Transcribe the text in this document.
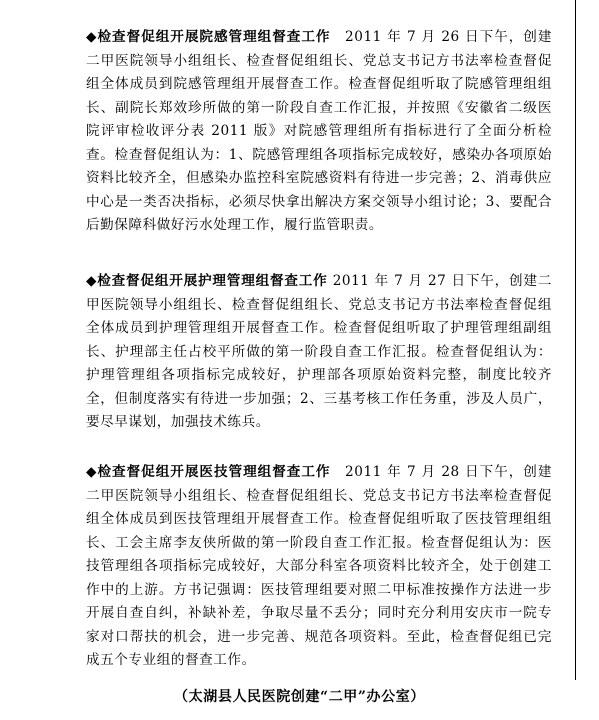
◆检查督促组开展院感管理组督查工作　2011 年 7 月 26 日下午，创建二甲医院领导小组组长、检查督促组组长、党总支书记方书法率检查督促组全体成员到院感管理组开展督查工作。检查督促组听取了院感管理组组长、副院长郑效珍所做的第一阶段自查工作汇报，并按照《安徽省二级医院评审检收评分表 2011 版》对院感管理组所有指标进行了全面分析检查。检查督促组认为：1、院感管理组各项指标完成较好，感染办各项原始资料比较齐全，但感染办监控科室院感资料有待进一步完善；2、消毒供应中心是一类否决指标，必须尽快拿出解决方案交领导小组讨论；3、要配合后勤保障科做好污水处理工作，履行监管职责。
◆检查督促组开展护理管理组督查工作 2011 年 7 月 27 日下午，创建二甲医院领导小组组长、检查督促组组长、党总支书记方书法率检查督促组全体成员到护理管理组开展督查工作。检查督促组听取了护理管理组副组长、护理部主任占校平所做的第一阶段自查工作汇报。检查督促组认为：护理管理组各项指标完成较好，护理部各项原始资料完整，制度比较齐全，但制度落实有待进一步加强；2、三基考核工作任务重，涉及人员广，要尽早谋划，加强技术练兵。
◆检查督促组开展医技管理组督查工作　2011 年 7 月 28 日下午，创建二甲医院领导小组组长、检查督促组组长、党总支书记方书法率检查督促组全体成员到医技管理组开展督查工作。检查督促组听取了医技管理组组长、工会主席李友侠所做的第一阶段自查工作汇报。检查督促组认为：医技管理组各项指标完成较好，大部分科室各项资料比较齐全，处于创建工作中的上游。方书记强调：医技管理组要对照二甲标准按操作方法进一步开展自查自纠，补缺补差，争取尽量不丢分；同时充分利用安庆市一院专家对口帮扶的机会，进一步完善、规范各项资料。至此，检查督促组已完成五个专业组的督查工作。
（太湖县人民医院创建“二甲”办公室）
